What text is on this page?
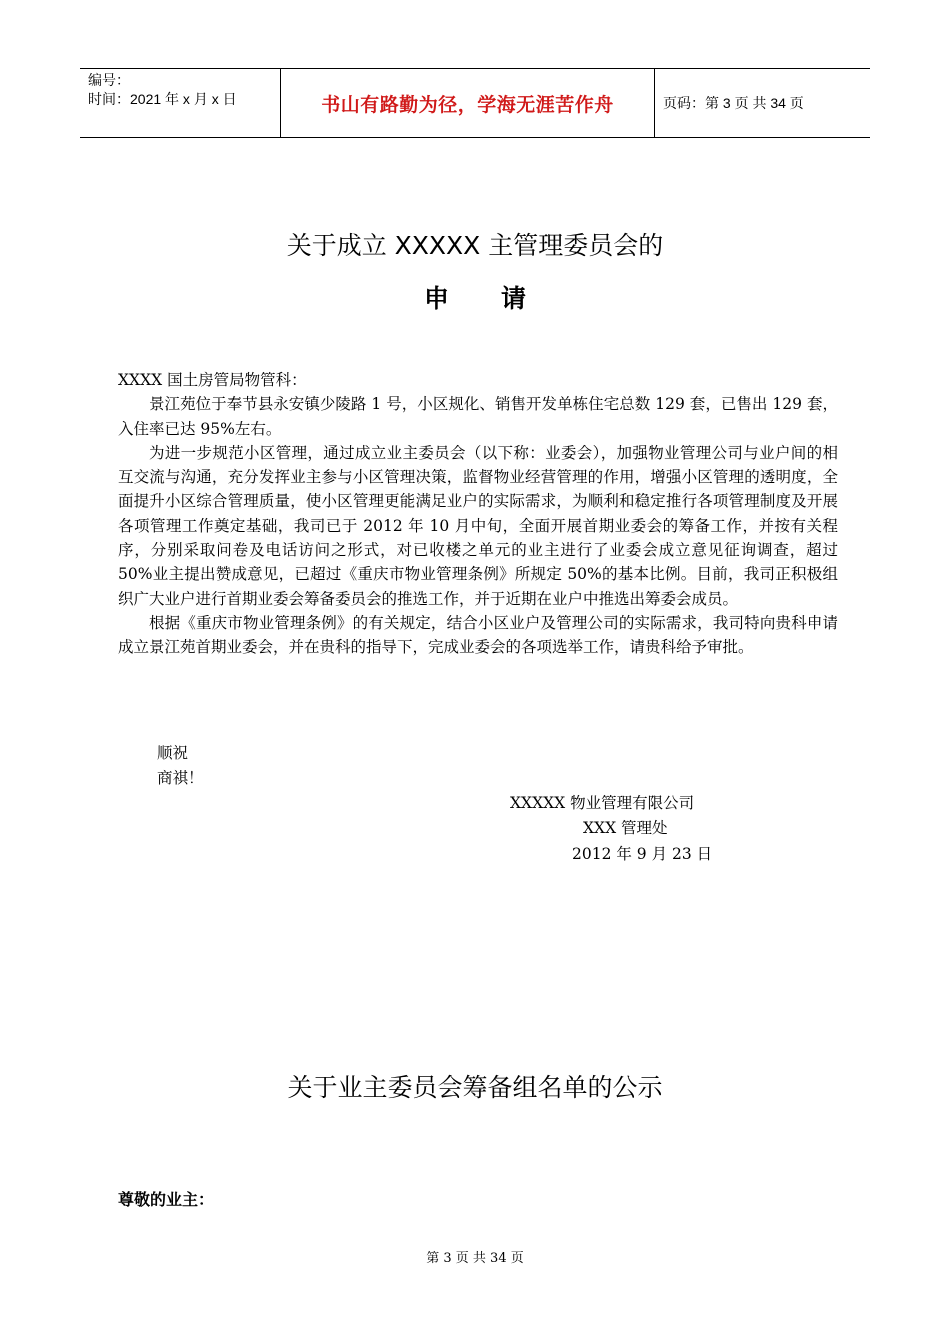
编号：
时间：2021 年 x 月 x 日	书山有路勤为径，学海无涯苦作舟	页码：第 3 页 共 34 页
关于成立 XXXXX 主管理委员会的
申 请

XXXX 国土房管局物管科：

景江苑位于奉节县永安镇少陵路 1 号，小区规化、销售开发单栋住宅总数 129 套，已售出 129 套，入住率已达 95%左右。

为进一步规范小区管理，通过成立业主委员会（以下称：业委会），加强物业管理公司与业户间的相互交流与沟通，充分发挥业主参与小区管理决策，监督物业经营管理的作用，增强小区管理的透明度，全面提升小区综合管理质量，使小区管理更能满足业户的实际需求，为顺利和稳定推行各项管理制度及开展各项管理工作奠定基础，我司已于 2012 年 10 月中旬，全面开展首期业委会的筹备工作，并按有关程序，分别采取问卷及电话访问之形式，对已收楼之单元的业主进行了业委会成立意见征询调查，超过 50%业主提出赞成意见，已超过《重庆市物业管理条例》所规定 50%的基本比例。目前，我司正积极组织广大业户进行首期业委会筹备委员会的推选工作，并于近期在业户中推选出筹委会成员。

根据《重庆市物业管理条例》的有关规定，结合小区业户及管理公司的实际需求，我司特向贵科申请成立景江苑首期业委会，并在贵科的指导下，完成业委会的各项选举工作，请贵科给予审批。

顺祝
商祺！
XXXXX 物业管理有限公司
XXX 管理处
2012 年 9 月 23 日
关于业主委员会筹备组名单的公示
尊敬的业主：
第 3 页 共 34 页
